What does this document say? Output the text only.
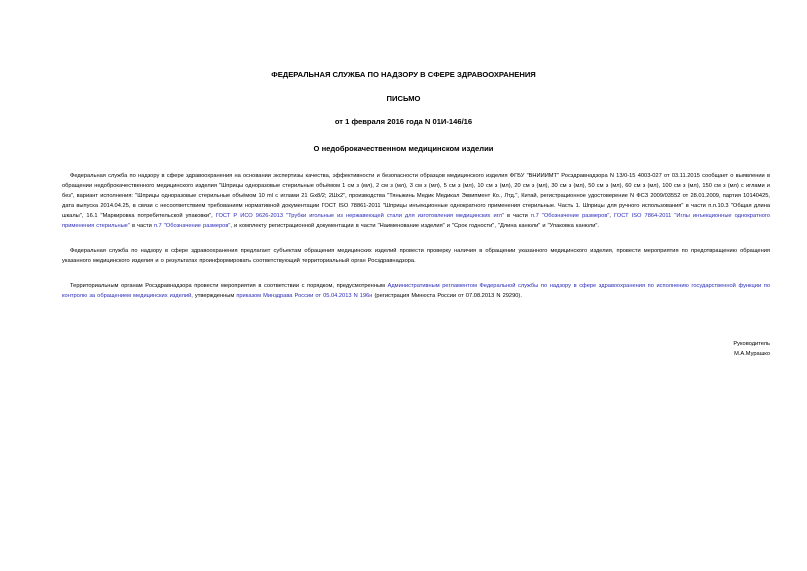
ФЕДЕРАЛЬНАЯ СЛУЖБА ПО НАДЗОРУ В СФЕРЕ ЗДРАВООХРАНЕНИЯ
ПИСЬМО
от 1 февраля 2016 года N 01И-146/16
О недоброкачественном медицинском изделии

Федеральная служба по надзору в сфере здравоохранения на основании экспертизы качества, эффективности и безопасности образцов медицинского изделия ФГБУ "ВНИИИМТ" Росздравнадзора N 13/0-15 4003-027 от 03.11.2015 сообщает о выявлении в обращении недоброкачественного медицинского изделия "Шприцы одноразовые стерильные объёмом 1 см з (мл), 2 см з (мл), 3 см з (мл), 5 см з (мл), 10 см з (мл), 20 см з (мл), 30 см з (мл), 50 см з (мл), 60 см з (мл), 100 см з (мл), 150 см з (мл) с иглами и без", вариант исполнения: "Шприцы одноразовые стерильные объёмом 10 ml с иглами 21 Gх8/2; 2Шх2", производства "Тяньжинь Медик Медикал Эквипмент Ко., Лтд.", Китай, регистрационное удостоверение N ФСЗ 2009/03552 от 28.01.2009, партия 10140425, дата выпуска 2014.04.25, в связи с несоответствием требованиям нормативной документации ГОСТ ISO 78861-2011 "Шприцы инъекционные однократного применения стерильные. Часть 1. Шприцы для ручного использования" в части п.п.10.3 "Общая длина шкалы", 16.1 "Маркировка потребительской упаковки", ГОСТ Р ИСО 9626-2013 "Трубки игольные из нержавеющей стали для изготовления медицинских игл" в части п.7 "Обозначение размеров", ГОСТ ISO 7864-2011 "Иглы инъекционные однократного применения стерильные" в части п.7 "Обозначение размеров", и комплекту регистрационной документации в части "Наименование изделия" и "Срок годности", "Длина канюли" и "Упаковка канюли".

Федеральная служба по надзору в сфере здравоохранения предлагает субъектам обращения медицинских изделий провести проверку наличия в обращении указанного медицинского изделия, провести мероприятия по предотвращению обращения указанного медицинского изделия и о результатах проинформировать соответствующий территориальный орган Росздравнадзора.

Территориальным органам Росздравнадзора провести мероприятия в соответствии с порядком, предусмотренным Административным регламентом Федеральной службы по надзору в сфере здравоохранения по исполнению государственной функции по контролю за обращением медицинских изделий, утвержденным приказом Минздрава России от 05.04.2013 N 196н (регистрация Минюста России от 07.08.2013 N 29290).

Руководитель
М.А.Мурашко
